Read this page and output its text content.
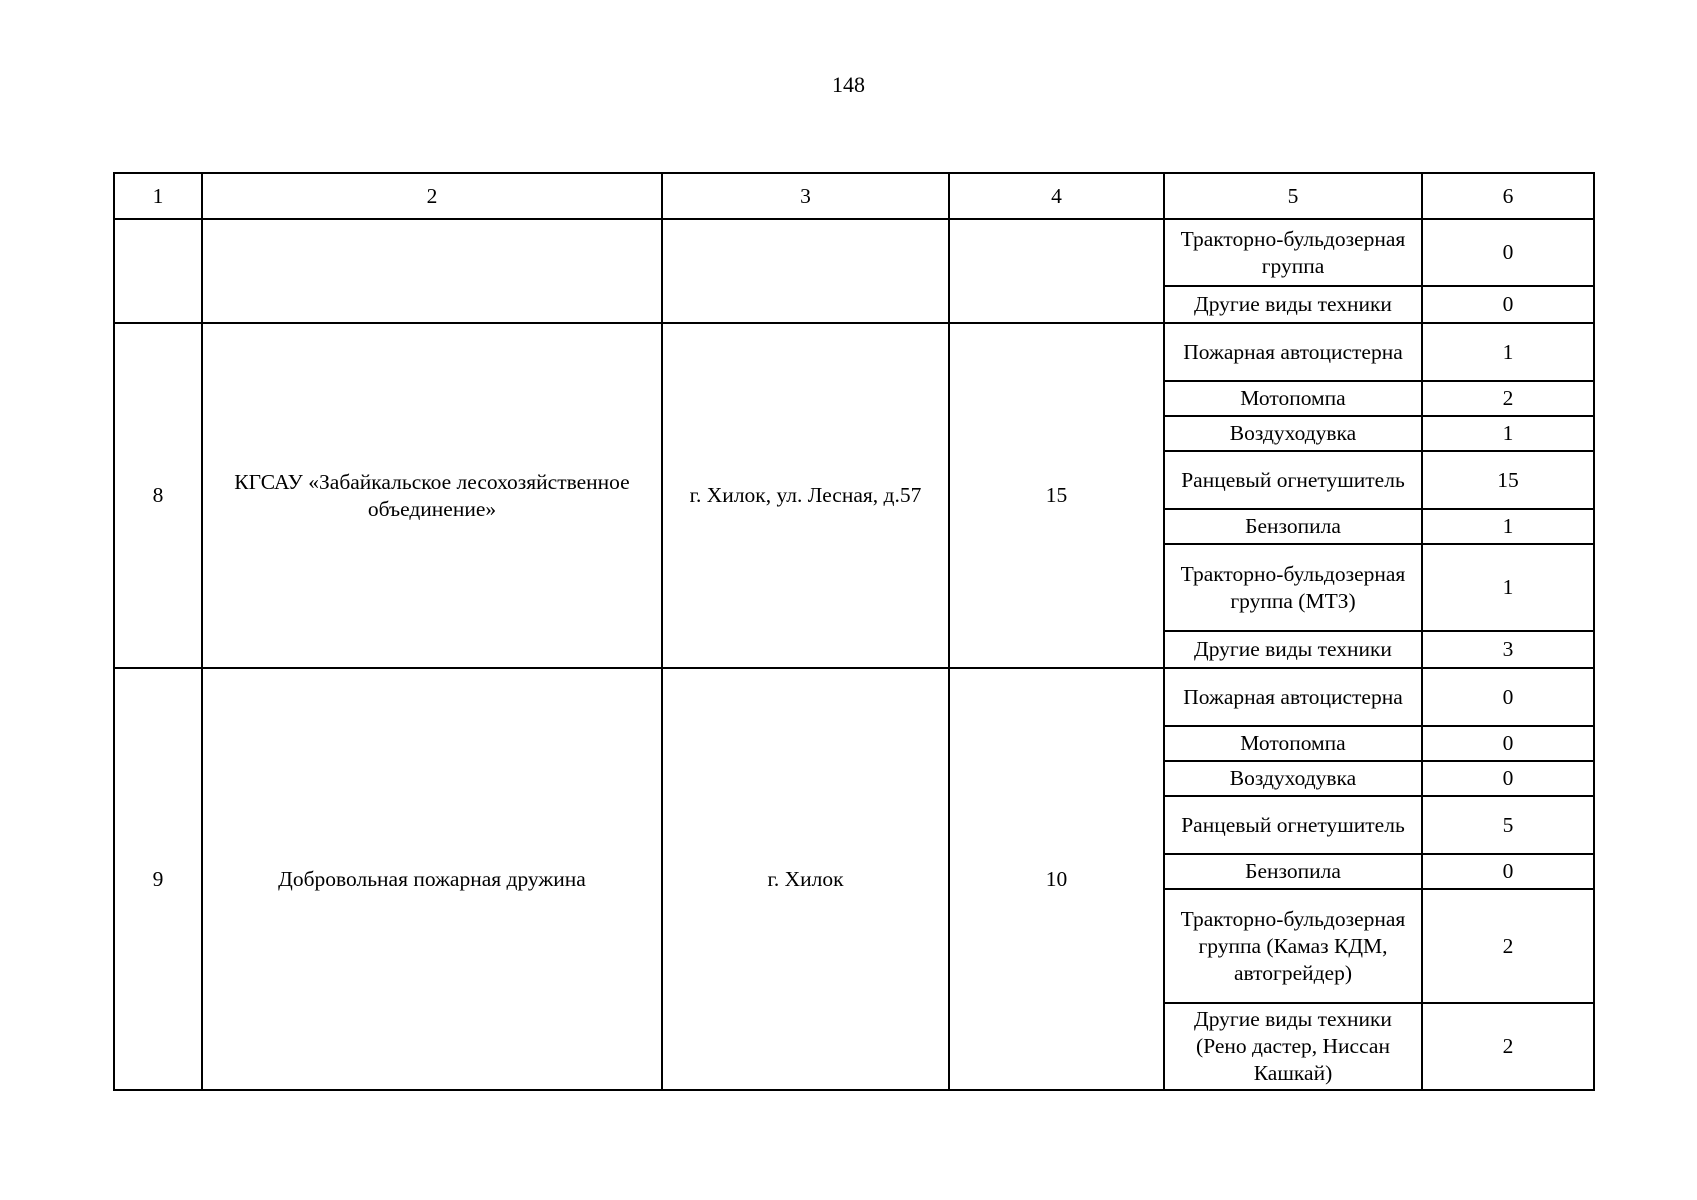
148
1	2	3	4	5	6
				Тракторно-бульдозерная группа	0
				Другие виды техники	0
8	КГСАУ «Забайкальское лесохозяйственное объединение»	г. Хилок, ул. Лесная, д.57	15	Пожарная автоцистерна	1
				Мотопомпа	2
				Воздуходувка	1
				Ранцевый огнетушитель	15
				Бензопила	1
				Тракторно-бульдозерная группа (МТЗ)	1
				Другие виды техники	3
9	Добровольная пожарная дружина	г. Хилок	10	Пожарная автоцистерна	0
				Мотопомпа	0
				Воздуходувка	0
				Ранцевый огнетушитель	5
				Бензопила	0
				Тракторно-бульдозерная группа (Камаз КДМ, автогрейдер)	2
				Другие виды техники (Рено дастер, Ниссан Кашкай)	2
